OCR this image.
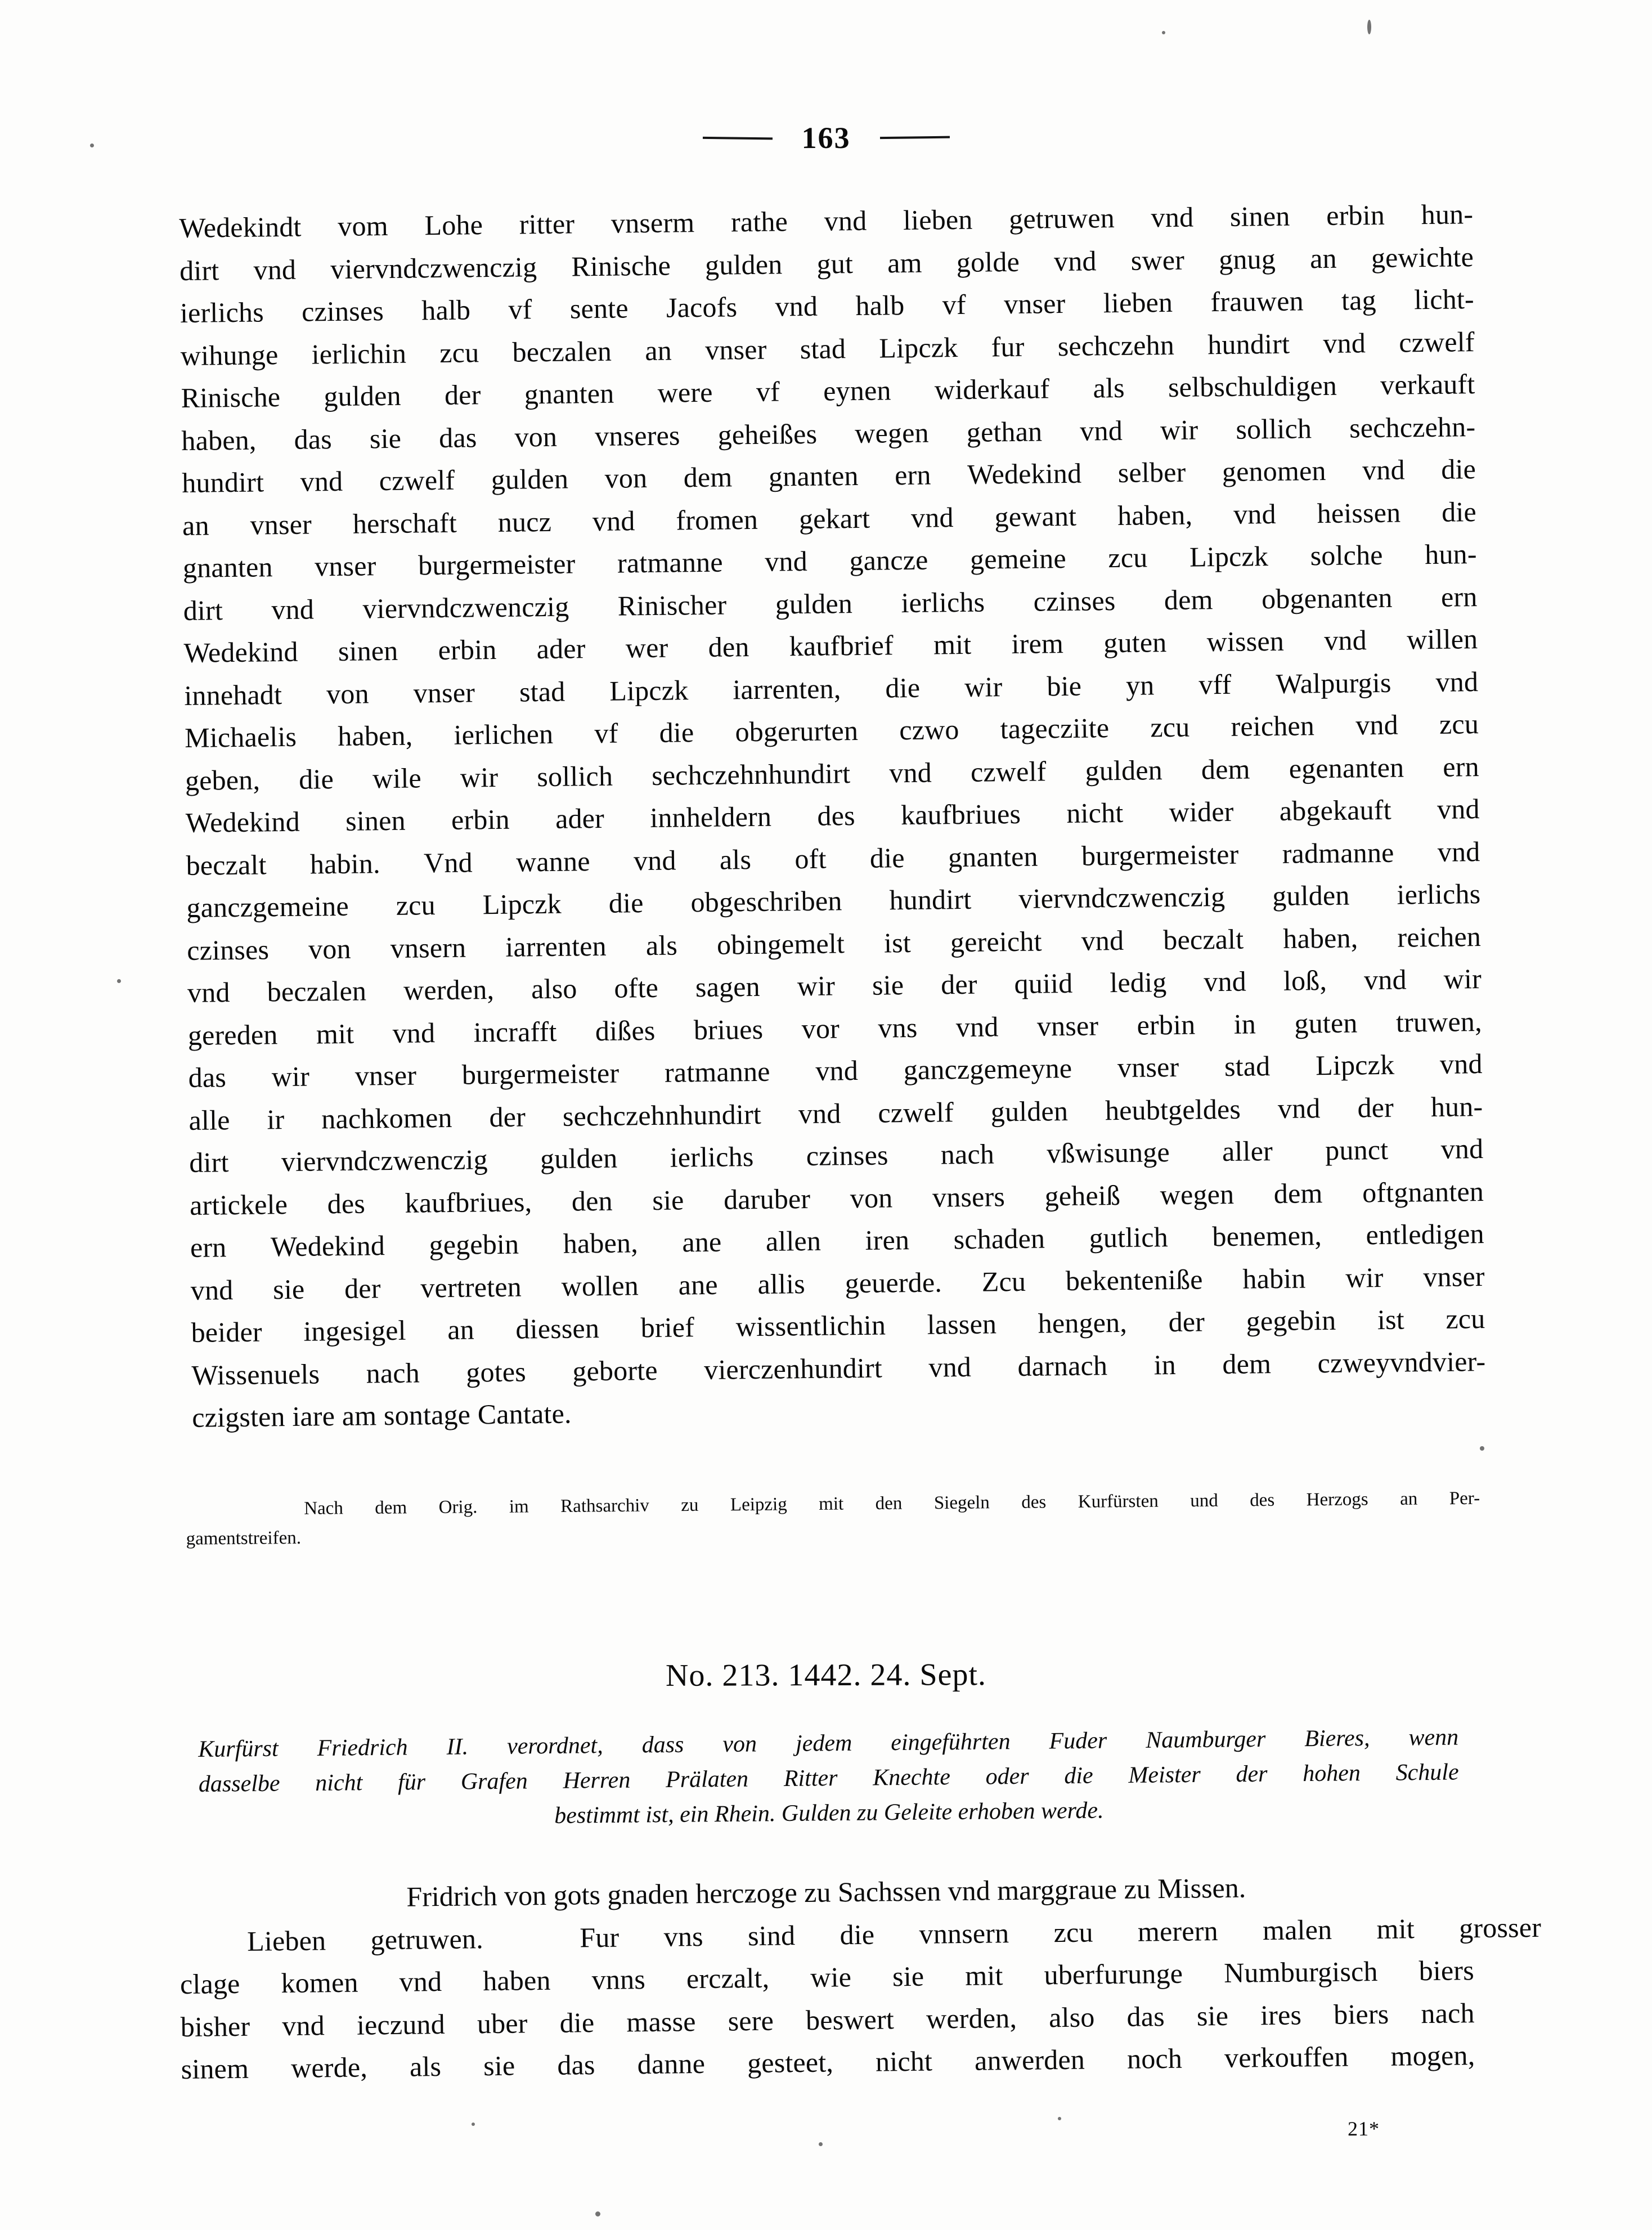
163
Wedekindt vom Lohe ritter vnserm rathe vnd lieben getruwen vnd sinen erbin hun-
dirt vnd viervndczwenczig Rinische gulden gut am golde vnd swer gnug an gewichte
ierlichs czinses halb vf sente Jacofs vnd halb vf vnser lieben frauwen tag licht-
wihunge ierlichin zcu beczalen an vnser stad Lipczk fur sechczehn hundirt vnd czwelf
Rinische gulden der gnanten were vf eynen widerkauf als selbschuldigen verkauft
haben, das sie das von vnseres geheißes wegen gethan vnd wir sollich sechczehn-
hundirt vnd czwelf gulden von dem gnanten ern Wedekind selber genomen vnd die
an vnser herschaft nucz vnd fromen gekart vnd gewant haben, vnd heissen die
gnanten vnser burgermeister ratmanne vnd gancze gemeine zcu Lipczk solche hun-
dirt vnd viervndczwenczig Rinischer gulden ierlichs czinses dem obgenanten ern
Wedekind sinen erbin ader wer den kaufbrief mit irem guten wissen vnd willen
innehadt von vnser stad Lipczk iarrenten, die wir bie yn vff Walpurgis vnd
Michaelis haben, ierlichen vf die obgerurten czwo tagecziite zcu reichen vnd zcu
geben, die wile wir sollich sechczehnhundirt vnd czwelf gulden dem egenanten ern
Wedekind sinen erbin ader innheldern des kaufbriues nicht wider abgekauft vnd
beczalt habin. Vnd wanne vnd als oft die gnanten burgermeister radmanne vnd
ganczgemeine zcu Lipczk die obgeschriben hundirt viervndczwenczig gulden ierlichs
czinses von vnsern iarrenten als obingemelt ist gereicht vnd beczalt haben, reichen
vnd beczalen werden, also ofte sagen wir sie der quiid ledig vnd loß, vnd wir
gereden mit vnd incrafft dißes briues vor vns vnd vnser erbin in guten truwen,
das wir vnser burgermeister ratmanne vnd ganczgemeyne vnser stad Lipczk vnd
alle ir nachkomen der sechczehnhundirt vnd czwelf gulden heubtgeldes vnd der hun-
dirt viervndczwenczig gulden ierlichs czinses nach vßwisunge aller punct vnd
artickele des kaufbriues, den sie daruber von vnsers geheiß wegen dem oftgnanten
ern Wedekind gegebin haben, ane allen iren schaden gutlich benemen, entledigen
vnd sie der vertreten wollen ane allis geuerde. Zcu bekenteniße habin wir vnser
beider ingesigel an diessen brief wissentlichin lassen hengen, der gegebin ist zcu
Wissenuels nach gotes geborte vierczenhundirt vnd darnach in dem czweyvndvier-
czigsten iare am sontage Cantate.
Nach dem Orig. im Rathsarchiv zu Leipzig mit den Siegeln des Kurfürsten und des Herzogs an Per-
gamentstreifen.
No. 213. 1442. 24. Sept.
Kurfürst Friedrich II. verordnet, dass von jedem eingeführten Fuder Naumburger Bieres, wenn
dasselbe nicht für Grafen Herren Prälaten Ritter Knechte oder die Meister der hohen Schule
bestimmt ist, ein Rhein. Gulden zu Geleite erhoben werde.
Fridrich von gots gnaden herczoge zu Sachssen vnd marggraue zu Missen.
Lieben getruwen.
	Fur vns sind die vnnsern zcu merern malen mit grosser
clage komen vnd haben vnns erczalt, wie sie mit uberfurunge Numburgisch biers
bisher vnd ieczund uber die masse sere beswert werden, also das sie ires biers nach
sinem werde, als sie das danne gesteet, nicht anwerden noch verkouffen mogen,
21*
